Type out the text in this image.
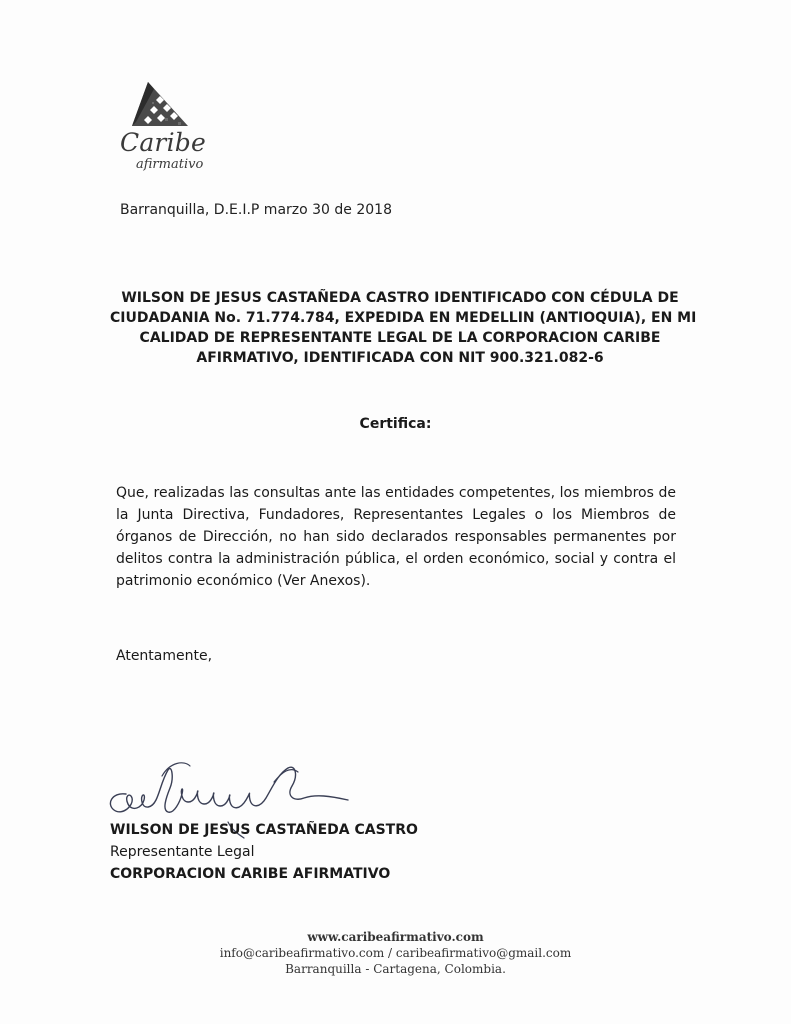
Caribe
afirmativo
Barranquilla, D.E.I.P marzo 30 de 2018
WILSON DE JESUS CASTAÑEDA CASTRO IDENTIFICADO CON CÉDULA DE
CIUDADANIA No. 71.774.784, EXPEDIDA EN MEDELLIN (ANTIOQUIA), EN MI
CALIDAD DE REPRESENTANTE LEGAL DE LA CORPORACION CARIBE
AFIRMATIVO, IDENTIFICADA CON NIT 900.321.082-6
Certifica:
Que, realizadas las consultas ante las entidades competentes, los miembros de la Junta Directiva, Fundadores, Representantes Legales o los Miembros de órganos de Dirección, no han sido declarados responsables permanentes por delitos contra la administración pública, el orden económico, social y contra el patrimonio económico (Ver Anexos).
Atentamente,
WILSON DE JESUS CASTAÑEDA CASTRO
Representante Legal
CORPORACION CARIBE AFIRMATIVO
www.caribeafirmativo.com
info@caribeafirmativo.com / caribeafirmativo@gmail.com
Barranquilla - Cartagena, Colombia.
